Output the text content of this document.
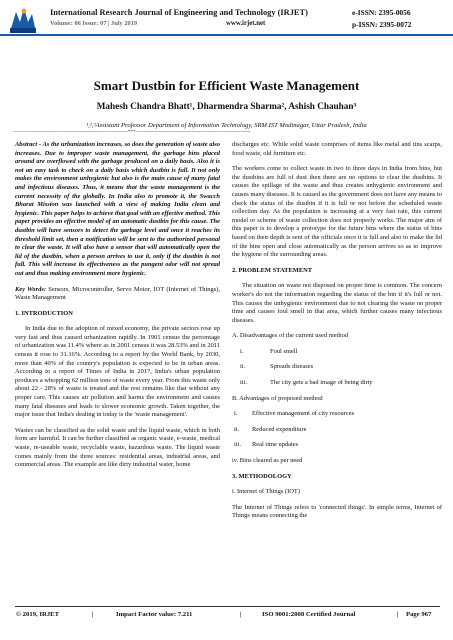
International Research Journal of Engineering and Technology (IRJET)	e-ISSN: 2395-0056
Volume: 06 Issue: 07 | July 2019	www.irjet.net	p-ISSN: 2395-0072
Smart Dustbin for Efficient Waste Management
Mahesh Chandra Bhatt¹, Dharmendra Sharma², Ashish Chauhan³
¹,²,³Assistant Professor Department of Information Technology, SRM IST Modinagar, Uttar Pradesh, India
---------------------------------------------------------------------***---------------------------------------------------------------------

Abstract - As the urbanization increases, so does the generation of waste also increases. Due to improper waste management, the garbage bins placed around are overflowed with the garbage produced on a daily basis. Also it is not an easy task to check on a daily basis which dustbin is full. It not only makes the environment unhygienic but also is the main cause of many fatal and infectious diseases. Thus, it means that the waste management is the current necessity of the globally. In India also to promote it, the Swacch Bharat Mission was launched with a view of making India clean and hygienic. This paper helps to achieve that goal with an effective method. This paper provides an effective model of an automatic dustbin for this cause. The dustbin will have sensors to detect the garbage level and once it reaches its threshold limit set, then a notification will be sent to the authorized personal to clear the waste. It will also have a sensor that will automatically open the lid of the dustbin, when a person arrives to use it, only if the dustbin is not full. This will increase its effectiveness as the pungent odor will not spread out and thus making environment more hygienic.

Key Words: Sensors, Microcontroller, Servo Motor, IOT (Internet of Things), Waste Management

1. INTRODUCTION

In India due to the adoption of mixed economy, the private sectors rose up very fast and thus caused urbanization rapidly. In 1901 census the percentage of urbanization was 11.4% where as in 2001 census it was 28.53% and in 2011 census it rose to 31.16%. According to a report by the World Bank, by 2030, more than 40% of the country's population is expected to be in urban areas. According to a report of Times of India in 2017, India's urban population produces a whopping 62 million tons of waste every year. From this waste only about 22 - 28% of waste is treated and the rest remains like that without any proper care. This causes air pollution and harms the environment and causes many fatal diseases and leads to slower economic growth. Taken together, the major issue that India's dealing in today is the 'waste management'.

Wastes can be classified as the solid waste and the liquid waste, which in both form are harmful. It can be further classified as organic waste, e-waste, medical waste, re-useable waste, recyclable waste, hazardous waste. The liquid waste comes mainly from the three sources: residential areas, industrial areas, and commercial areas. The example are like dirty industrial water, home

discharges etc. While solid waste comprises of items like metal and tins scarps, food waste, old furniture etc.

The workers come to collect waste in two to three days in India from bins, but the dustbins are full of dust then there are no options to clear the dustbins. It causes the spillage of the waste and thus creates unhygienic environment and causes many diseases. It is caused as the government does not have any means to check the status of the dustbin if it is full or not before the scheduled waste collection day. As the population is increasing at a very fast rate, this current model or scheme of waste collection does not properly works. The major aim of this paper is to develop a prototype for the future bins where the status of bins based on their depth is sent of the officials once it is full and also to make the lid of the bins open and close automatically as the person arrives so as to improve the hygiene of the surrounding areas.

2. PROBLEM STATEMENT

The situation on waste not disposed on proper time is common. The concern worker's do not the information regarding the status of the bin if it's full or not. This causes the unhygienic environment due to not clearing the waste on proper time and causes foul smell in that area, which further causes many infectious diseases.

A. Disadvantages of the current used method

i.	Foul smell
ii.	Spreads diseases
iii.	The city gets a bad image of being dirty

B. Advantages of proposed method

i.	Effective management of city resources
ii.	Reduced expenditure
iii.	Real time updates

iv. Bins cleared as per need

3. METHODOLOGY

i. Internet of Things (IOT)

The Internet of Things refers to 'connected things'. In simple terms, Internet of Things means connecting the

© 2019, IRJET	|	Impact Factor value: 7.211	|	ISO 9001:2008 Certified Journal	| Page 967
